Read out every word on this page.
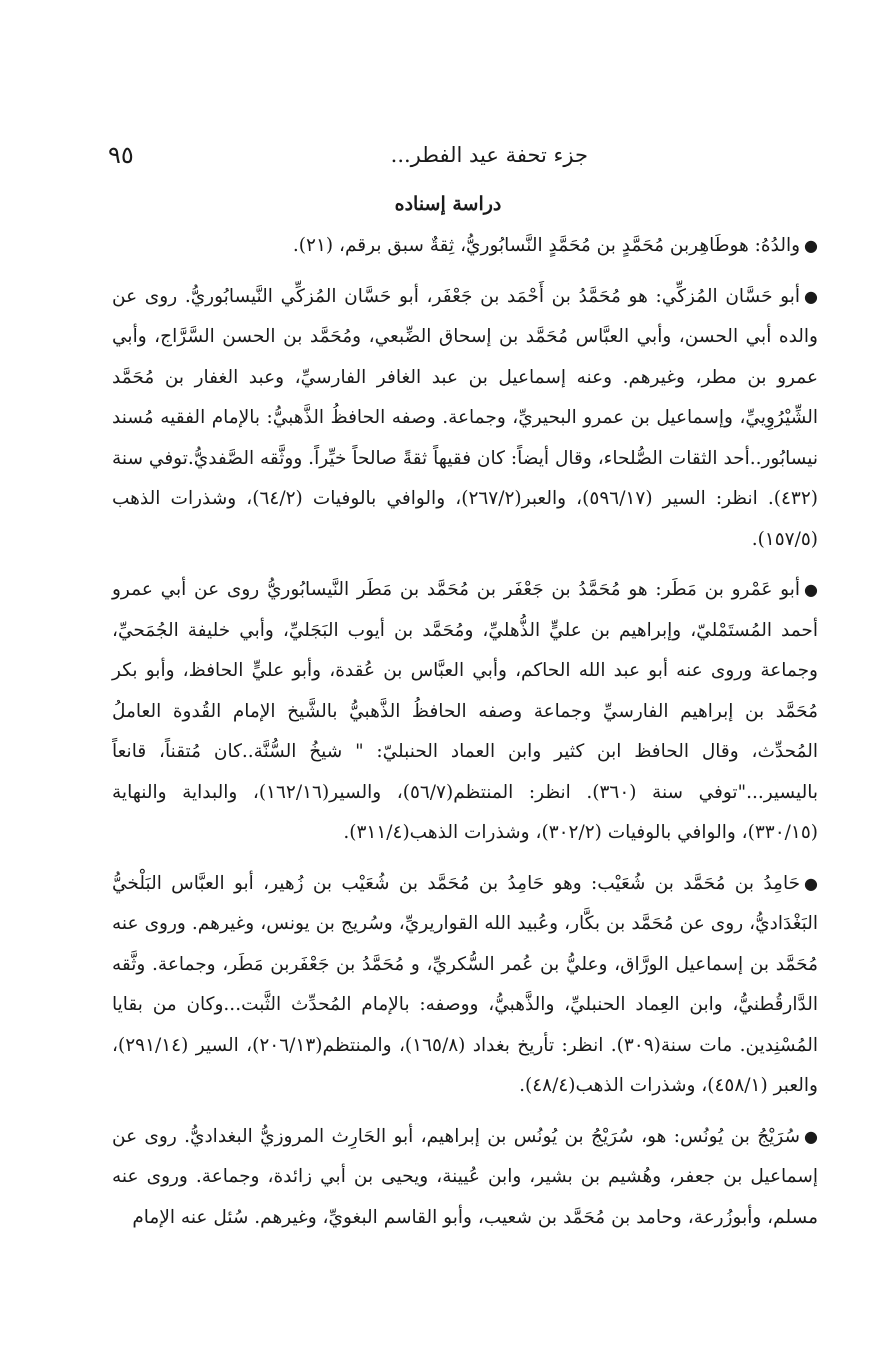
جزء تحفة عيد الفطر...
٩٥
دراسة إسناده

●والدُهُ: هوطَاهِربن مُحَمَّدٍ بن مُحَمَّدٍ النَّسابُوريُّ، ثِقةٌ سبق برقم، (٢١).

●أبو حَسَّان المُزكِّي: هو مُحَمَّدُ بن أَحْمَد بن جَعْفَر، أبو حَسَّان المُزكِّي النَّيسابُوريُّ. روى عن والده أبي الحسن، وأبي العبَّاس مُحَمَّد بن إسحاق الضِّبعي، ومُحَمَّد بن الحسن السَّرَّاج، وأبي عمرو بن مطر، وغيرهم. وعنه إسماعيل بن عبد الغافر الفارسيِّ، وعبد الغفار بن مُحَمَّد الشِّيْرُوِييِّ، وإسماعيل بن عمرو البحيريِّ، وجماعة. وصفه الحافظُ الذَّهبيُّ: بالإمام الفقيه مُسند نيسابُور..أحد الثقات الصُّلحاء، وقال أيضاً: كان فقيهاً ثقةً صالحاً خيِّراً. ووثَّقه الصَّفديُّ.توفي سنة (٤٣٢). انظر: السير (٥٩٦/١٧)، والعبر(٢٦٧/٢)، والوافي بالوفيات (٦٤/٢)، وشذرات الذهب (١٥٧/٥).

●أبو عَمْرو بن مَطَر: هو مُحَمَّدُ بن جَعْفَر بن مُحَمَّد بن مَطَر النَّيسابُوريُّ روى عن أبي عمرو أحمد المُستَمْليّ، وإبراهيم بن عليٍّ الذُّهليِّ، ومُحَمَّد بن أيوب البَجَليِّ، وأبي خليفة الجُمَحيِّ، وجماعة وروى عنه أبو عبد الله الحاكم، وأبي العبَّاس بن عُقدة، وأبو عليٍّ الحافظ، وأبو بكر مُحَمَّد بن إبراهيم الفارسيِّ وجماعة وصفه الحافظُ الذَّهبيُّ بالشَّيخ الإمام القُدوة العاملُ المُحدِّث، وقال الحافظ ابن كثير وابن العماد الحنبليّ: " شيخُ السُّنَّة..كان مُتقناً، قانعاً باليسير..."توفي سنة (٣٦٠). انظر: المنتظم(٥٦/٧)، والسير(١٦٢/١٦)، والبداية والنهاية (٣٣٠/١٥)، والوافي بالوفيات (٣٠٢/٢)، وشذرات الذهب(٣١١/٤).

●حَامِدُ بن مُحَمَّد بن شُعَيْب: وهو حَامِدُ بن مُحَمَّد بن شُعَيْب بن زُهير، أبو العبَّاس البَلْخيُّ البَغْدَاديُّ، روى عن مُحَمَّد بن بكَّار، وعُبيد الله القواريريِّ، وسُريج بن يونس، وغيرهم. وروى عنه مُحَمَّد بن إسماعيل الورَّاق، وعليُّ بن عُمر السُّكريِّ، و مُحَمَّدُ بن جَعْفَربن مَطَر، وجماعة. وثَّقه الدَّارقُطنيُّ، وابن العِماد الحنبليِّ، والذَّهبيُّ، ووصفه: بالإمام المُحدِّث الثَّبت...وكان من بقايا المُسْنِدين. مات سنة(٣٠٩). انظر: تأريخ بغداد (١٦٥/٨)، والمنتظم(٢٠٦/١٣)، السير (٢٩١/١٤)، والعبر (٤٥٨/١)، وشذرات الذهب(٤٨/٤).

●سُرَيْجُ بن يُونُس: هو، سُرَيْجُ بن يُونُس بن إبراهيم، أبو الحَارِث المروزيُّ البغداديُّ. روى عن إسماعيل بن جعفر، وهُشيم بن بشير، وابن عُيينة، ويحيى بن أبي زائدة، وجماعة. وروى عنه مسلم، وأبوزُرعة، وحامد بن مُحَمَّد بن شعيب، وأبو القاسم البغويِّ، وغيرهم. سُئل عنه الإمام
